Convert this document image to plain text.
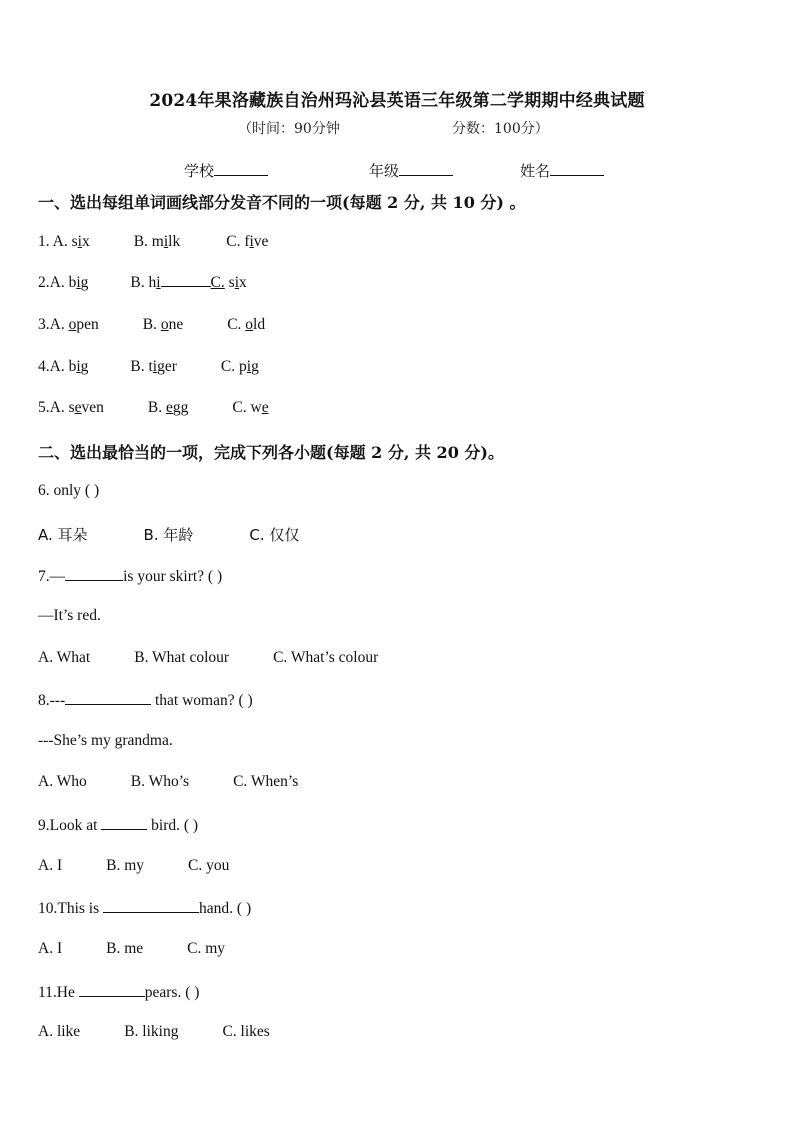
2024年果洛藏族自治州玛沁县英语三年级第二学期期中经典试题
（时间：90分钟	分数：100分）
学校	年级	姓名
一、选出每组单词画线部分发音不同的一项(每题 2 分, 共 10 分) 。
1. A. six	B. milk	C. five
2.A. big	B. hi	C. six
3.A. open	B. one	C. old
4.A. big	B. tiger	C. pig
5.A. seven	B. egg	C. we
二、选出最恰当的一项，完成下列各小题(每题 2 分, 共 20 分)。
6. only ( )
A. 耳朵	B. 年龄	C. 仅仅
7.—	is your skirt? ( )
—It’s red.
A. What	B. What colour	C. What’s colour
8.---	that woman? ( )
---She’s my grandma.
A. Who	B. Who’s	C. When’s
9.Look at	bird. ( )
A. I	B. my	C. you
10.This is	hand. ( )
A. I	B. me	C. my
11.He	pears. ( )
A. like	B. liking	C. likes
